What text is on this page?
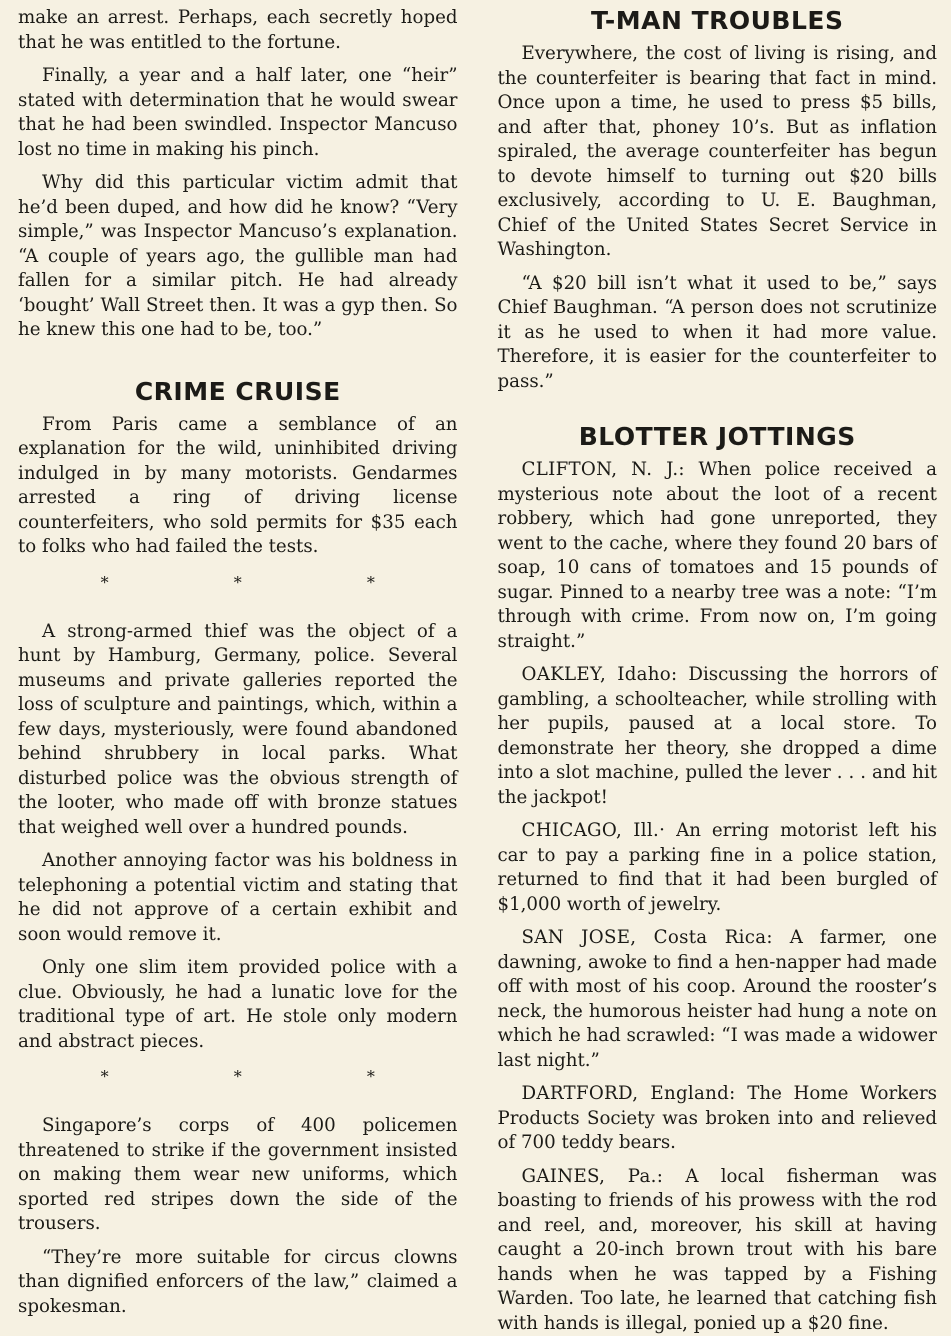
make an arrest. Perhaps, each secretly hoped that he was entitled to the fortune.

Finally, a year and a half later, one “heir” stated with determination that he would swear that he had been swindled. Inspector Mancuso lost no time in making his pinch.

Why did this particular victim admit that he’d been duped, and how did he know? “Very simple,” was Inspector Mancuso’s explanation. “A couple of years ago, the gullible man had fallen for a similar pitch. He had already ‘bought’ Wall Street then. It was a gyp then. So he knew this one had to be, too.”

CRIME CRUISE

From Paris came a semblance of an explanation for the wild, uninhibited driving indulged in by many motorists. Gendarmes arrested a ring of driving license counterfeiters, who sold permits for $35 each to folks who had failed the tests.

* * *

A strong-armed thief was the object of a hunt by Hamburg, Germany, police. Several museums and private galleries reported the loss of sculpture and paintings, which, within a few days, mysteriously, were found abandoned behind shrubbery in local parks. What disturbed police was the obvious strength of the looter, who made off with bronze statues that weighed well over a hundred pounds.

Another annoying factor was his boldness in telephoning a potential victim and stating that he did not approve of a certain exhibit and soon would remove it.

Only one slim item provided police with a clue. Obviously, he had a lunatic love for the traditional type of art. He stole only modern and abstract pieces.

* * *

Singapore’s corps of 400 policemen threatened to strike if the government insisted on making them wear new uniforms, which sported red stripes down the side of the trousers.

“They’re more suitable for circus clowns than dignified enforcers of the law,” claimed a spokesman.

T-MAN TROUBLES

Everywhere, the cost of living is rising, and the counterfeiter is bearing that fact in mind. Once upon a time, he used to press $5 bills, and after that, phoney 10’s. But as inflation spiraled, the average counterfeiter has begun to devote himself to turning out $20 bills exclusively, according to U. E. Baughman, Chief of the United States Secret Service in Washington.

“A $20 bill isn’t what it used to be,” says Chief Baughman. “A person does not scrutinize it as he used to when it had more value. Therefore, it is easier for the counterfeiter to pass.”

BLOTTER JOTTINGS

CLIFTON, N. J.: When police received a mysterious note about the loot of a recent robbery, which had gone unreported, they went to the cache, where they found 20 bars of soap, 10 cans of tomatoes and 15 pounds of sugar. Pinned to a nearby tree was a note: “I’m through with crime. From now on, I’m going straight.”

OAKLEY, Idaho: Discussing the horrors of gambling, a schoolteacher, while strolling with her pupils, paused at a local store. To demonstrate her theory, she dropped a dime into a slot machine, pulled the lever . . . and hit the jackpot!

CHICAGO, Ill.· An erring motorist left his car to pay a parking fine in a police station, returned to find that it had been burgled of $1,000 worth of jewelry.

SAN JOSE, Costa Rica: A farmer, one dawning, awoke to find a hen-napper had made off with most of his coop. Around the rooster’s neck, the humorous heister had hung a note on which he had scrawled: “I was made a widower last night.”

DARTFORD, England: The Home Workers Products Society was broken into and relieved of 700 teddy bears.

GAINES, Pa.: A local fisherman was boasting to friends of his prowess with the rod and reel, and, moreover, his skill at having caught a 20-inch brown trout with his bare hands when he was tapped by a Fishing Warden. Too late, he learned that catching fish with hands is illegal, ponied up a $20 fine.
